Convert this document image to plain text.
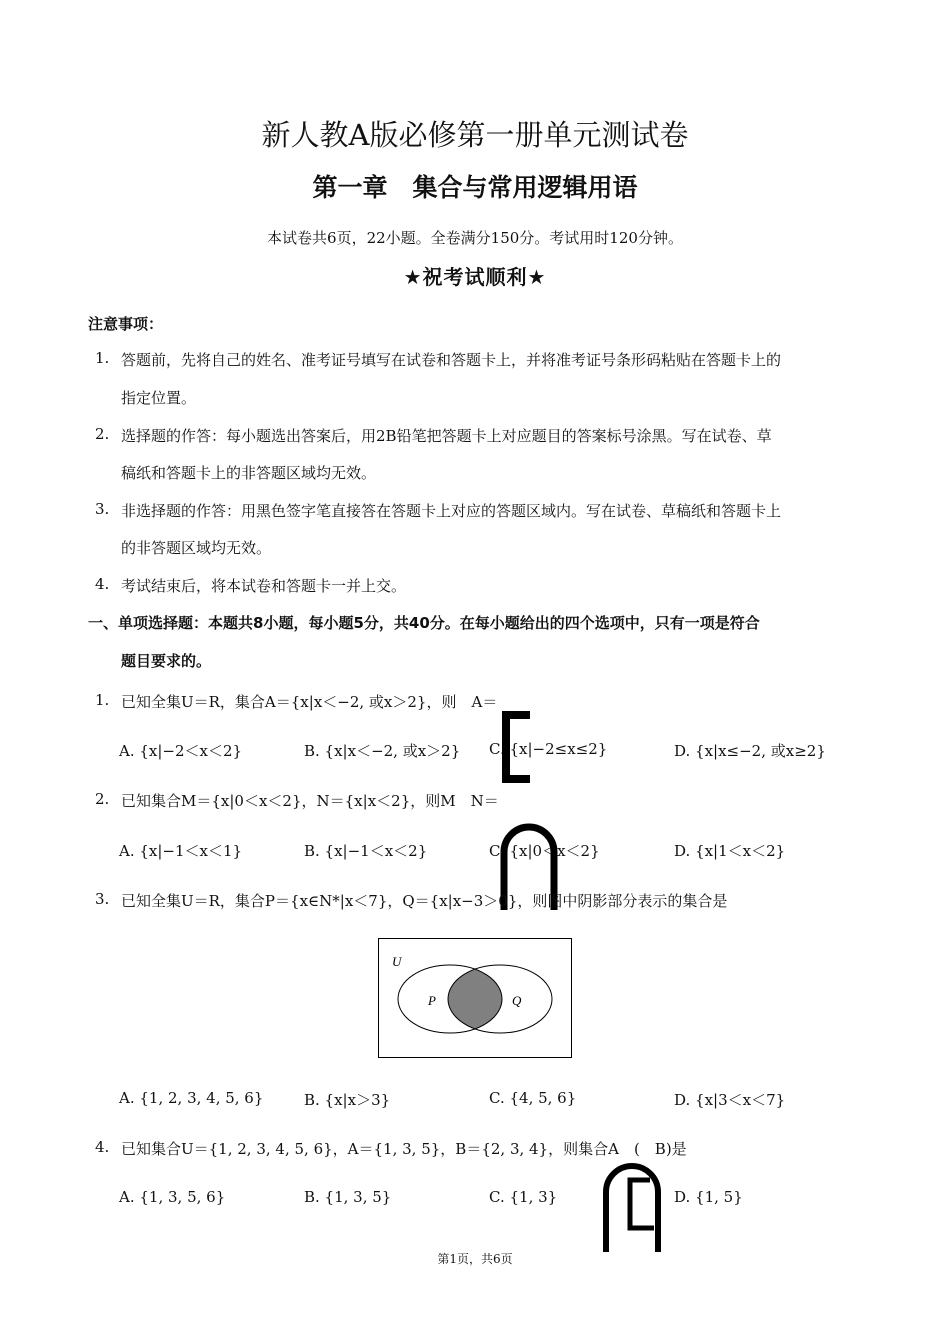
新人教A版必修第一册单元测试卷
第一章　集合与常用逻辑用语
本试卷共6页，22小题。全卷满分150分。考试用时120分钟。
★祝考试顺利★
注意事项：
1. 答题前，先将自己的姓名、准考证号填写在试卷和答题卡上，并将准考证号条形码粘贴在答题卡上的
指定位置。
2. 选择题的作答：每小题选出答案后，用2B铅笔把答题卡上对应题目的答案标号涂黑。写在试卷、草
稿纸和答题卡上的非答题区域均无效。
3. 非选择题的作答：用黑色签字笔直接答在答题卡上对应的答题区域内。写在试卷、草稿纸和答题卡上
的非答题区域均无效。
4. 考试结束后，将本试卷和答题卡一并上交。
一、单项选择题：本题共8小题，每小题5分，共40分。在每小题给出的四个选项中，只有一项是符合
题目要求的。
1. 已知全集U＝R，集合A＝{x|x＜−2, 或x＞2}，则　A＝
A. {x|−2＜x＜2}	B. {x|x＜−2, 或x＞2} C. {x|−2≤x≤2}	D. {x|x≤−2, 或x≥2}
2. 已知集合M＝{x|0＜x＜2}，N＝{x|x＜2}，则M　N＝
A. {x|−1＜x＜1}	B. {x|−1＜x＜2}	C. {x|0＜x＜2}	D. {x|1＜x＜2}
3. 已知全集U＝R，集合P＝{x∈N*|x＜7}，Q＝{x|x−3＞0}，则图中阴影部分表示的集合是
U
P	Q
A. {1, 2, 3, 4, 5, 6}	B. {x|x＞3}	C. {4, 5, 6}	D. {x|3＜x＜7}
4. 已知集合U＝{1, 2, 3, 4, 5, 6}，A＝{1, 3, 5}，B＝{2, 3, 4}，则集合A　(　B)是
A. {1, 3, 5, 6}	B. {1, 3, 5}	C. {1, 3}	D. {1, 5}
第1页，共6页
